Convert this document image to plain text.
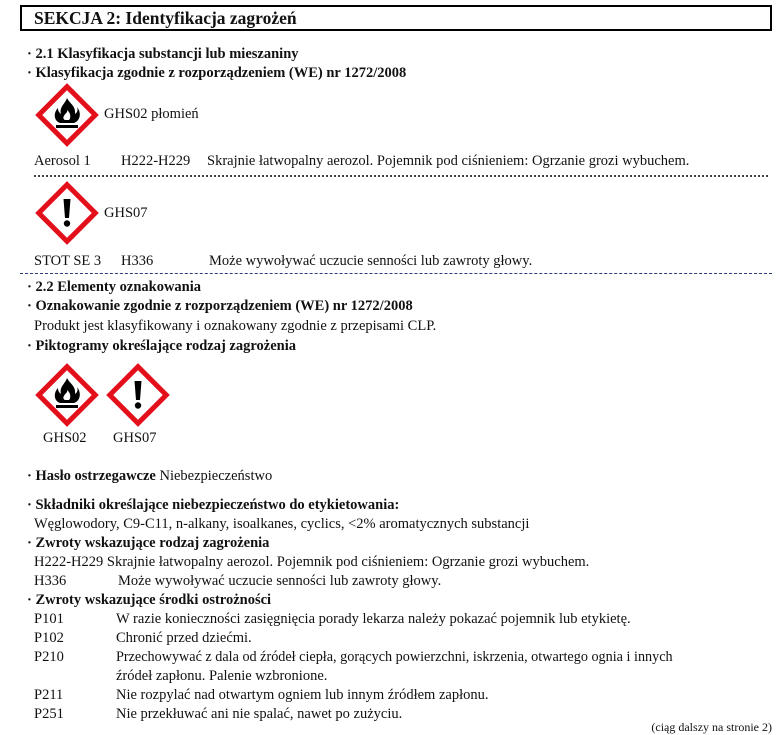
SEKCJA 2: Identyfikacja zagrożeń
· 2.1 Klasyfikacja substancji lub mieszaniny
· Klasyfikacja zgodnie z rozporządzeniem (WE) nr 1272/2008
GHS02 płomień
Aerosol 1 H222-H229 Skrajnie łatwopalny aerozol. Pojemnik pod ciśnieniem: Ogrzanie grozi wybuchem.
GHS07
STOT SE 3 H336	Może wywoływać uczucie senności lub zawroty głowy.
· 2.2 Elementy oznakowania
· Oznakowanie zgodnie z rozporządzeniem (WE) nr 1272/2008
Produkt jest klasyfikowany i oznakowany zgodnie z przepisami CLP.
· Piktogramy określające rodzaj zagrożenia
GHS02 GHS07
· Hasło ostrzegawcze Niebezpieczeństwo
· Składniki określające niebezpieczeństwo do etykietowania:
Węglowodory, C9-C11, n-alkany, isoalkanes, cyclics, <2% aromatycznych substancji
· Zwroty wskazujące rodzaj zagrożenia
H222-H229 Skrajnie łatwopalny aerozol. Pojemnik pod ciśnieniem: Ogrzanie grozi wybuchem.
H336	Może wywoływać uczucie senności lub zawroty głowy.
· Zwroty wskazujące środki ostrożności
P101	W razie konieczności zasięgnięcia porady lekarza należy pokazać pojemnik lub etykietę.
P102	Chronić przed dziećmi.
P210	Przechowywać z dala od źródeł ciepła, gorących powierzchni, iskrzenia, otwartego ognia i innych
źródeł zapłonu. Palenie wzbronione.
P211	Nie rozpylać nad otwartym ogniem lub innym źródłem zapłonu.
P251	Nie przekłuwać ani nie spalać, nawet po zużyciu.
(ciąg dalszy na stronie 2)
